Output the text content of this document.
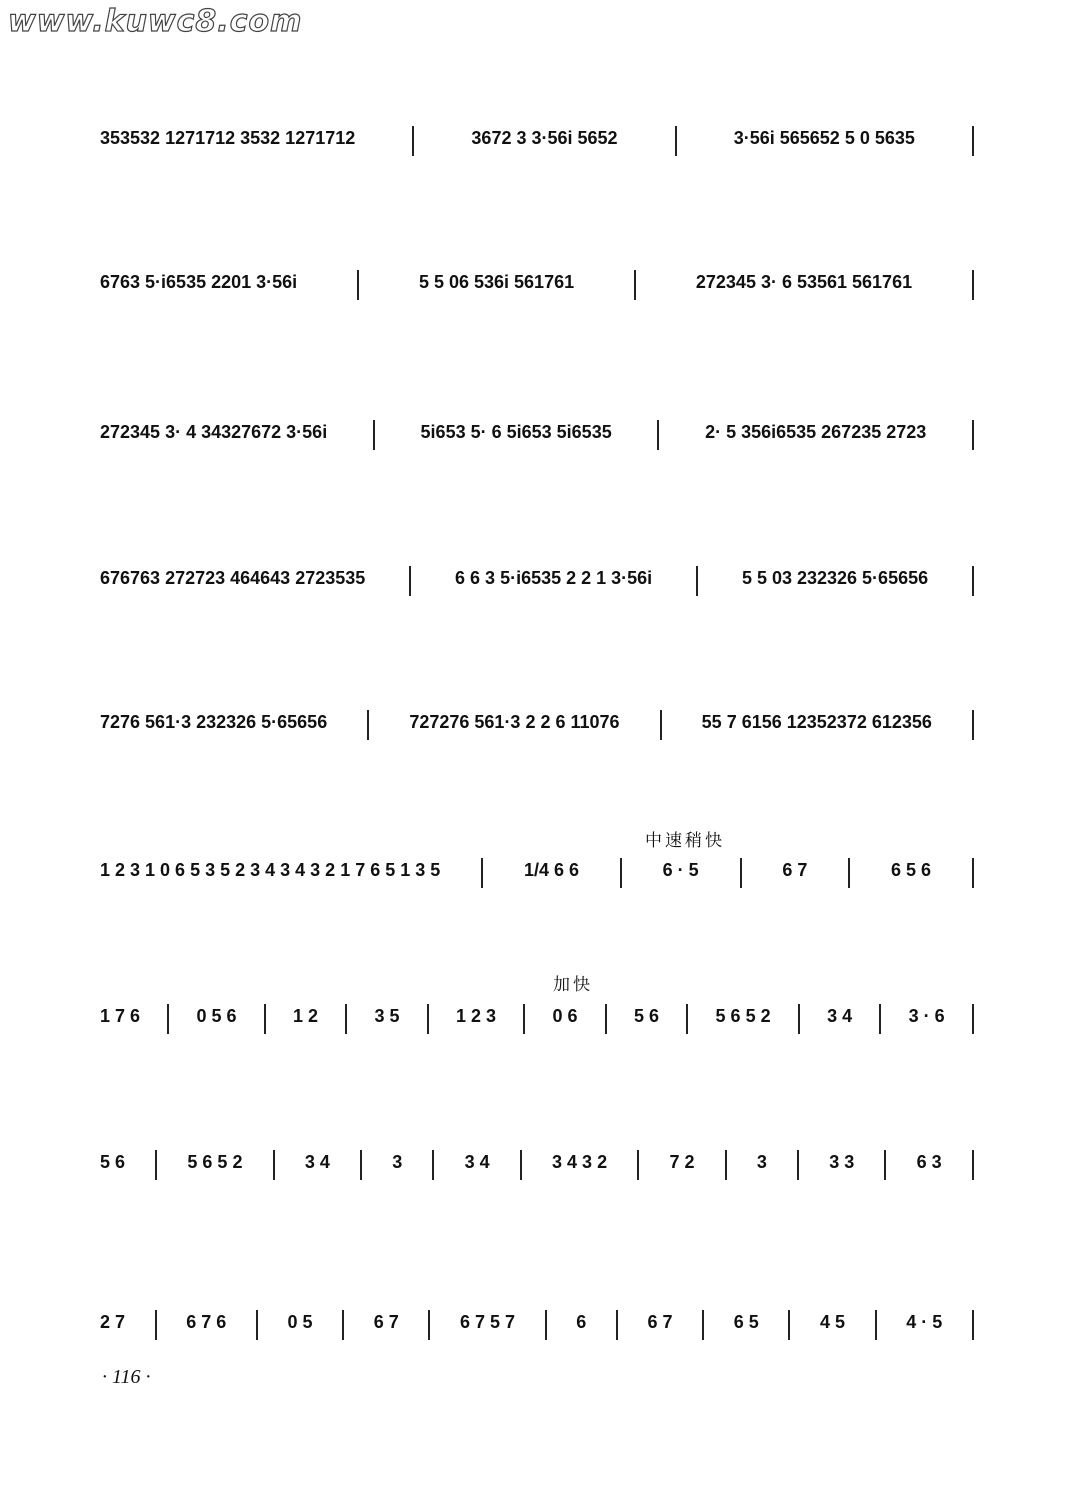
www.kuwc8.com
353532 1271712 3532 1271712	3672 3 3·56i 5652	3·56i 565652 5 0 5635
6763 5·i6535 2201 3·56i	5 5 06 536i 561761	272345 3· 6 53561 561761
272345 3· 4 34327672 3·56i	5i653 5· 6 5i653 5i6535	2· 5 356i6535 267235 2723
676763 272723 464643 2723535	6 6 3 5·i6535 2 2 1 3·56i	5 5 03 232326 5·65656
7276 561·3 232326 5·65656	727276 561·3 2 2 6 11076	55 7 6156 12352372 612356
1 2 3 1 0 6 5 3 5 2 3 4 3 4 3 2 1 7 6 5 1 3 5	1/4 6 6	6 · 5	6 7	6 5 6
1 7 6	0 5 6	1 2	3 5	1 2 3	0 6	5 6	5 6 5 2	3 4	3 · 6
5 6	5 6 5 2	3 4	3	3 4	3 4 3 2	7 2	3	3 3	6 3
2 7	6 7 6	0 5	6 7	6 7 5 7	6	6 7	6 5	4 5	4 · 5
中速稍快
加快
· 116 ·
